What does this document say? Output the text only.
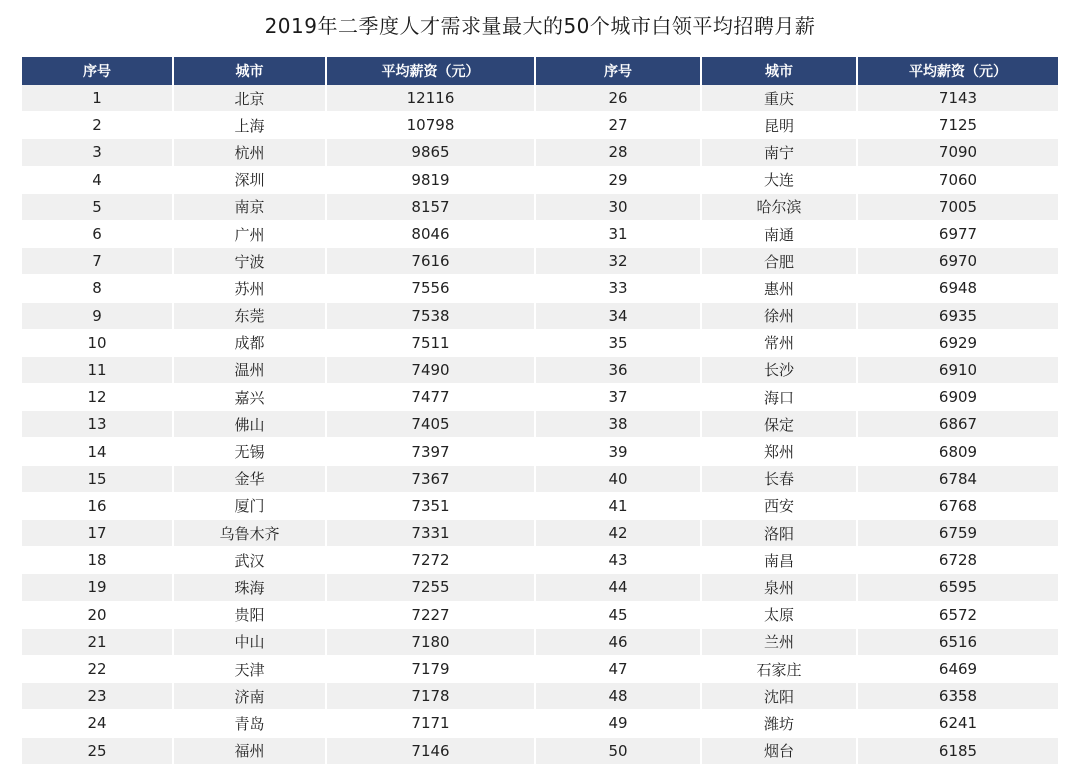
2019年二季度人才需求量最大的50个城市白领平均招聘月薪
序号	城市	平均薪资（元）	序号	城市	平均薪资（元）
1	北京	12116	26	重庆	7143
2	上海	10798	27	昆明	7125
3	杭州	9865	28	南宁	7090
4	深圳	9819	29	大连	7060
5	南京	8157	30	哈尔滨	7005
6	广州	8046	31	南通	6977
7	宁波	7616	32	合肥	6970
8	苏州	7556	33	惠州	6948
9	东莞	7538	34	徐州	6935
10	成都	7511	35	常州	6929
11	温州	7490	36	长沙	6910
12	嘉兴	7477	37	海口	6909
13	佛山	7405	38	保定	6867
14	无锡	7397	39	郑州	6809
15	金华	7367	40	长春	6784
16	厦门	7351	41	西安	6768
17	乌鲁木齐	7331	42	洛阳	6759
18	武汉	7272	43	南昌	6728
19	珠海	7255	44	泉州	6595
20	贵阳	7227	45	太原	6572
21	中山	7180	46	兰州	6516
22	天津	7179	47	石家庄	6469
23	济南	7178	48	沈阳	6358
24	青岛	7171	49	潍坊	6241
25	福州	7146	50	烟台	6185
